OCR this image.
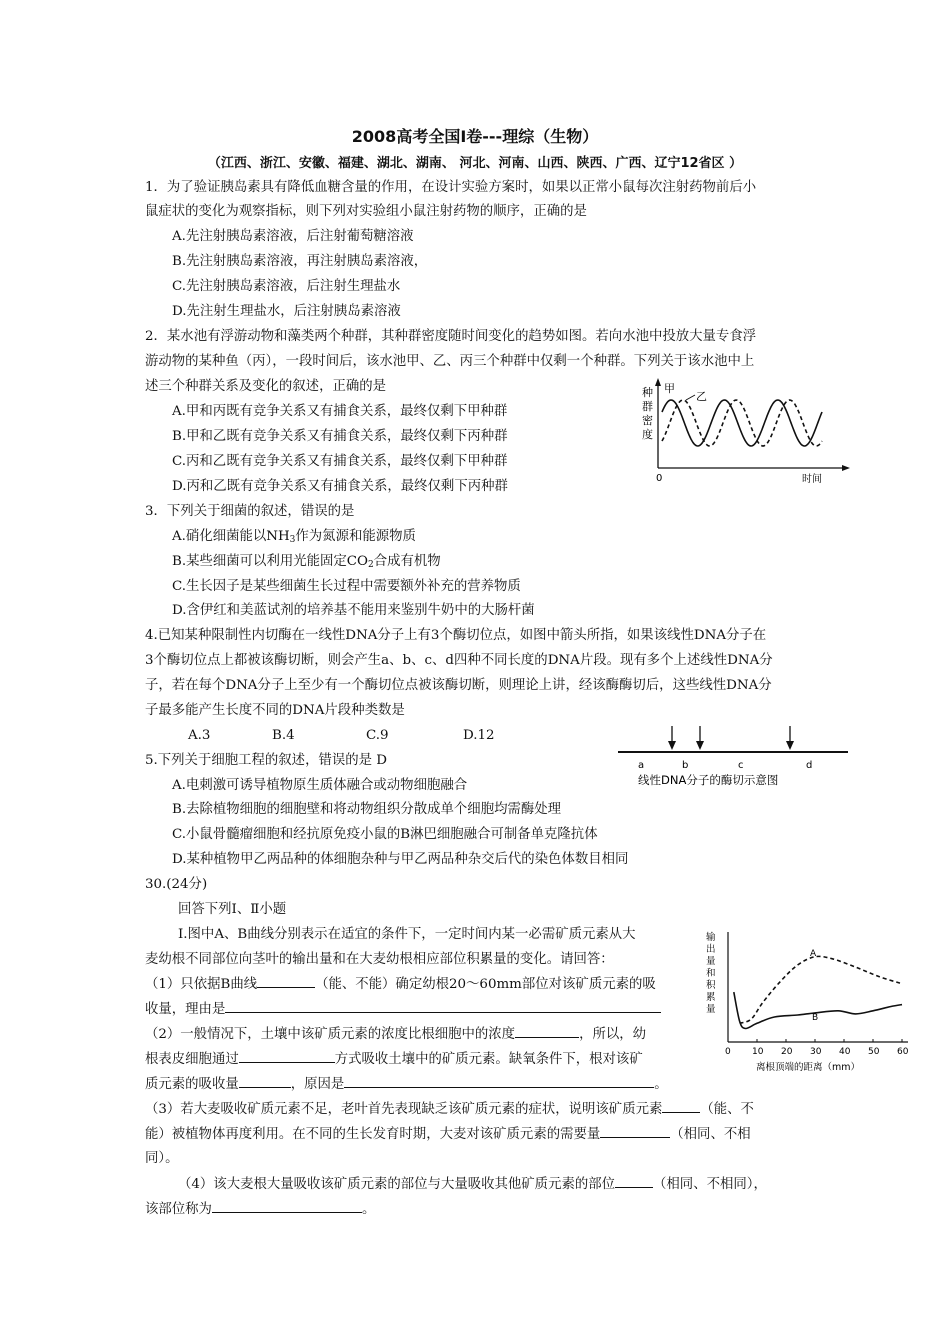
2008高考全国Ⅰ卷---理综（生物）
（江西、浙江、安徽、福建、湖北、湖南、 河北、河南、山西、陕西、广西、辽宁12省区 ）
1．为了验证胰岛素具有降低血糖含量的作用，在设计实验方案时，如果以正常小鼠每次注射药物前后小
鼠症状的变化为观察指标，则下列对实验组小鼠注射药物的顺序，正确的是
A.先注射胰岛素溶液，后注射葡萄糖溶液
B.先注射胰岛素溶液，再注射胰岛素溶液，
C.先注射胰岛素溶液，后注射生理盐水
D.先注射生理盐水，后注射胰岛素溶液
2．某水池有浮游动物和藻类两个种群，其种群密度随时间变化的趋势如图。若向水池中投放大量专食浮
游动物的某种鱼（丙），一段时间后，该水池甲、乙、丙三个种群中仅剩一个种群。下列关于该水池中上
述三个种群关系及变化的叙述，正确的是
A.甲和丙既有竞争关系又有捕食关系，最终仅剩下甲种群
B.甲和乙既有竞争关系又有捕食关系，最终仅剩下丙种群
C.丙和乙既有竞争关系又有捕食关系，最终仅剩下甲种群
D.丙和乙既有竞争关系又有捕食关系，最终仅剩下丙种群
种
群
密
度
甲
乙
0	时间
3．下列关于细菌的叙述，错误的是
A.硝化细菌能以$NH_3$作为氮源和能源物质
B.某些细菌可以利用光能固定$CO_2$合成有机物
C.生长因子是某些细菌生长过程中需要额外补充的营养物质
D.含伊红和美蓝试剂的培养基不能用来鉴别牛奶中的大肠杆菌
4.已知某种限制性内切酶在一线性DNA分子上有3个酶切位点，如图中箭头所指，如果该线性DNA分子在
3个酶切位点上都被该酶切断，则会产生a、b、c、d四种不同长度的DNA片段。现有多个上述线性DNA分
子，若在每个DNA分子上至少有一个酶切位点被该酶切断，则理论上讲，经该酶酶切后，这些线性DNA分
子最多能产生长度不同的DNA片段种类数是
A.3	B.4	C.9	D.12
a	b	c	d
线性DNA分子的酶切示意图
5.下列关于细胞工程的叙述，错误的是 D
A.电刺激可诱导植物原生质体融合或动物细胞融合
B.去除植物细胞的细胞壁和将动物组织分散成单个细胞均需酶处理
C.小鼠骨髓瘤细胞和经抗原免疫小鼠的B淋巴细胞融合可制备单克隆抗体
D.某种植物甲乙两品种的体细胞杂种与甲乙两品种杂交后代的染色体数目相同
30.(24分)
回答下列Ⅰ、Ⅱ小题
Ⅰ.图中A、B曲线分别表示在适宜的条件下，一定时间内某一必需矿质元素从大
麦幼根不同部位向茎叶的输出量和在大麦幼根相应部位积累量的变化。请回答：
（1）只依据B曲线	（能、不能）确定幼根20～60mm部位对该矿质元素的吸
收量，理由是
（2）一般情况下，土壤中该矿质元素的浓度比根细胞中的浓度	，所以，幼
根表皮细胞通过	方式吸收土壤中的矿质元素。缺氧条件下，根对该矿
质元素的吸收量	，原因是	。
（3）若大麦吸收矿质元素不足，老叶首先表现缺乏该矿质元素的症状，说明该矿质元素	（能、不
能）被植物体再度利用。在不同的生长发育时期，大麦对该矿质元素的需要量	（相同、不相
同）。
（4）该大麦根大量吸收该矿质元素的部位与大量吸收其他矿质元素的部位	（相同、不相同），
该部位称为	。
0 10 20 30 40 50 60
A
B
输
出
量
和
积
累
量
离根顶端的距离（mm）
